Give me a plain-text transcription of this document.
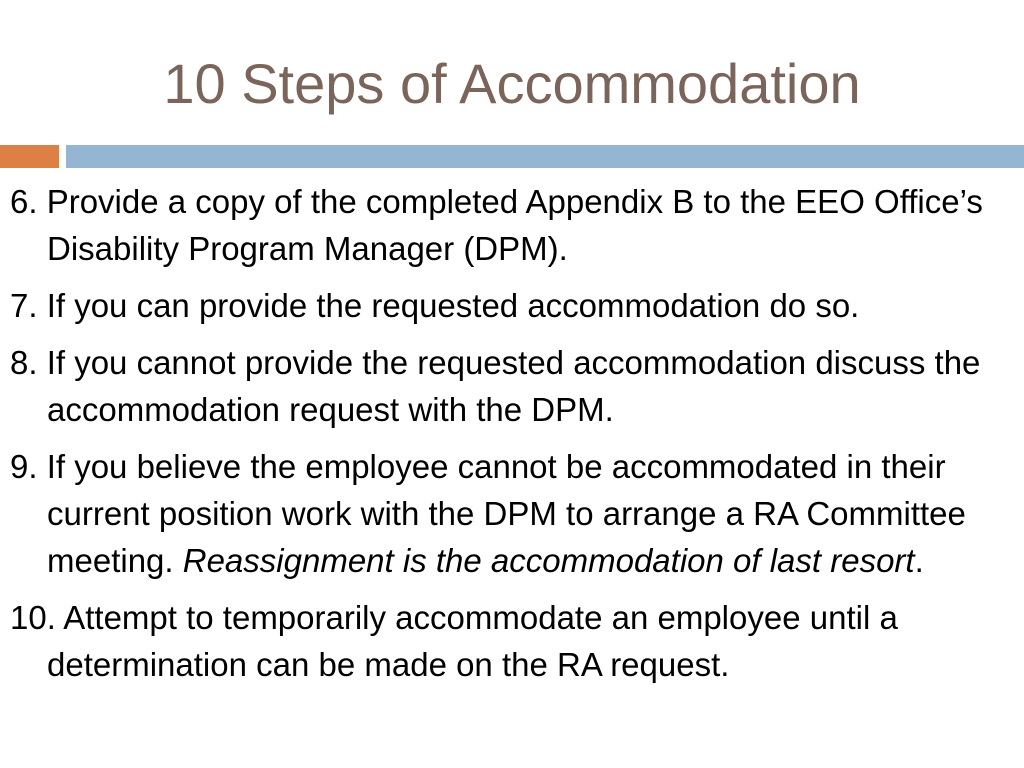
10 Steps of Accommodation
6. Provide a copy of the completed Appendix B to the EEO Office’s Disability Program Manager (DPM).
7. If you can provide the requested accommodation do so.
8. If you cannot provide the requested accommodation discuss the accommodation request with the DPM.
9. If you believe the employee cannot be accommodated in their current position work with the DPM to arrange a RA Committee meeting. Reassignment is the accommodation of last resort.
10. Attempt to temporarily accommodate an employee until a determination can be made on the RA request.
